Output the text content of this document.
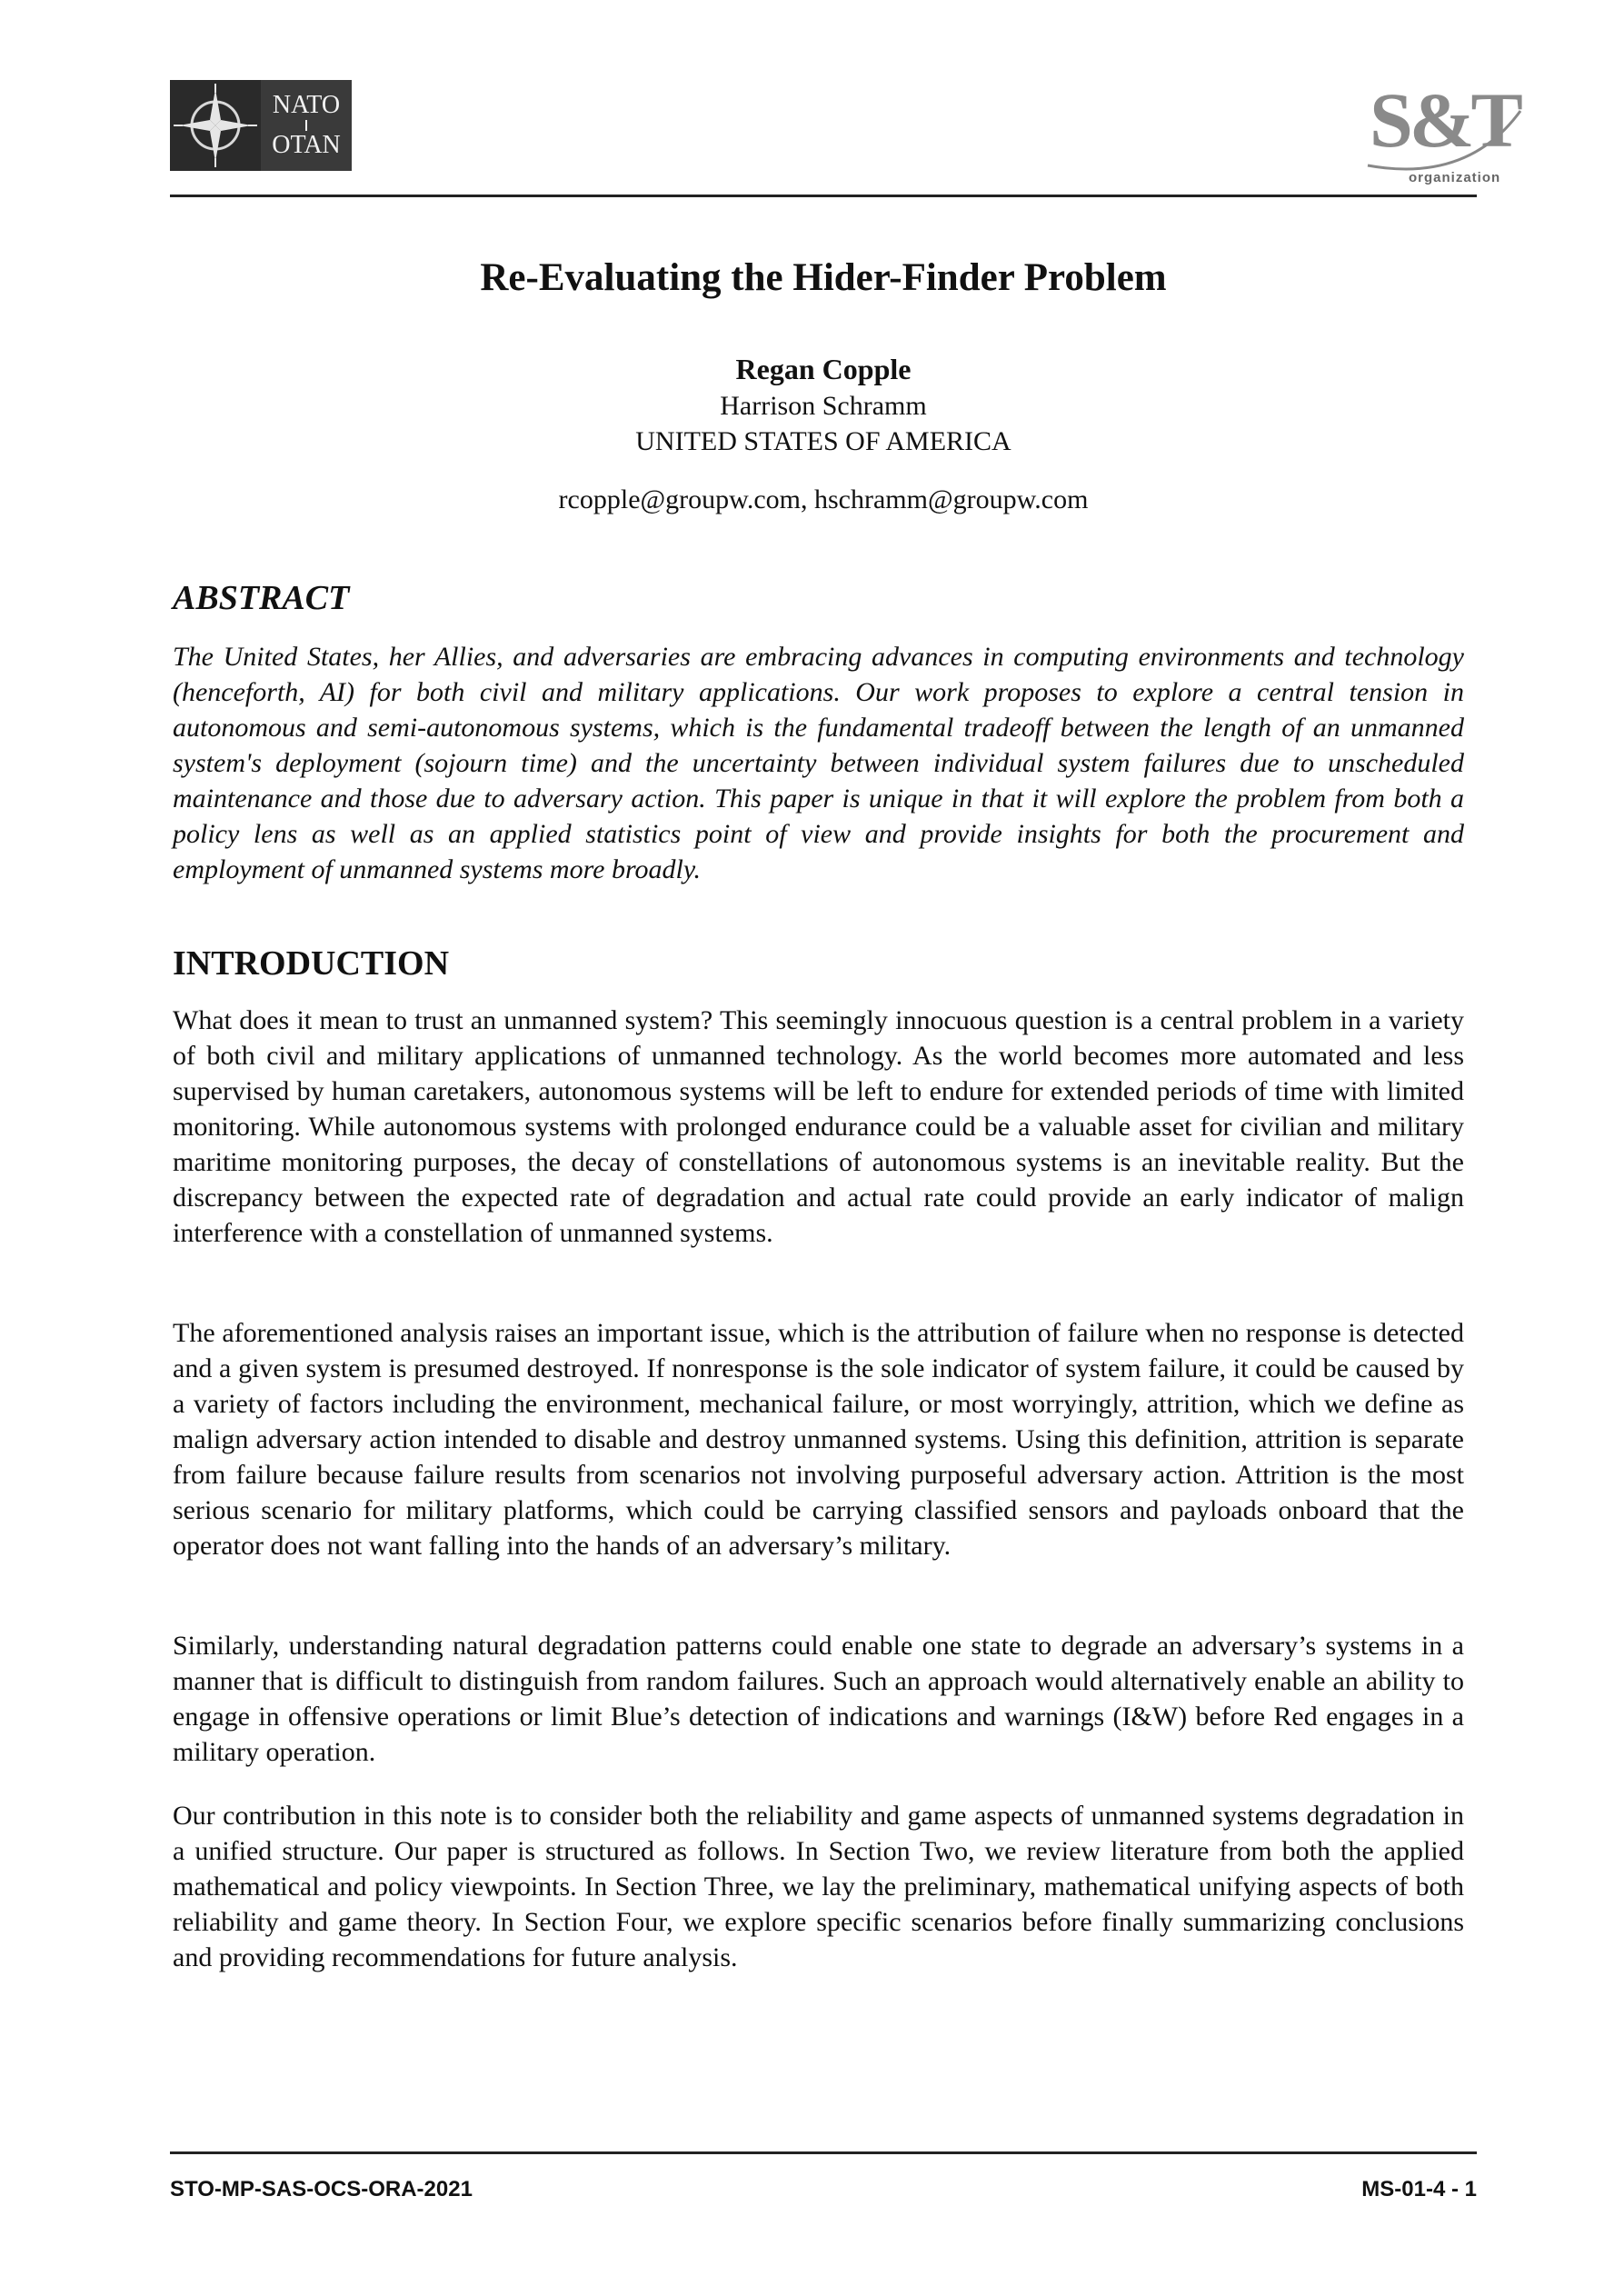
NATO
OTAN	S&T
organization
Re-Evaluating the Hider-Finder Problem
Regan Copple
Harrison Schramm
UNITED STATES OF AMERICA
rcopple@groupw.com, hschramm@groupw.com
ABSTRACT

The United States, her Allies, and adversaries are embracing advances in computing environments and technology (henceforth, AI) for both civil and military applications. Our work proposes to explore a central tension in autonomous and semi-autonomous systems, which is the fundamental tradeoff between the length of an unmanned system's deployment (sojourn time) and the uncertainty between individual system failures due to unscheduled maintenance and those due to adversary action. This paper is unique in that it will explore the problem from both a policy lens as well as an applied statistics point of view and provide insights for both the procurement and employment of unmanned systems more broadly.

INTRODUCTION

What does it mean to trust an unmanned system? This seemingly innocuous question is a central problem in a variety of both civil and military applications of unmanned technology. As the world becomes more automated and less supervised by human caretakers, autonomous systems will be left to endure for extended periods of time with limited monitoring. While autonomous systems with prolonged endurance could be a valuable asset for civilian and military maritime monitoring purposes, the decay of constellations of autonomous systems is an inevitable reality. But the discrepancy between the expected rate of degradation and actual rate could provide an early indicator of malign interference with a constellation of unmanned systems.

The aforementioned analysis raises an important issue, which is the attribution of failure when no response is detected and a given system is presumed destroyed. If nonresponse is the sole indicator of system failure, it could be caused by a variety of factors including the environment, mechanical failure, or most worryingly, attrition, which we define as malign adversary action intended to disable and destroy unmanned systems. Using this definition, attrition is separate from failure because failure results from scenarios not involving purposeful adversary action. Attrition is the most serious scenario for military platforms, which could be carrying classified sensors and payloads onboard that the operator does not want falling into the hands of an adversary’s military.

Similarly, understanding natural degradation patterns could enable one state to degrade an adversary’s systems in a manner that is difficult to distinguish from random failures. Such an approach would alternatively enable an ability to engage in offensive operations or limit Blue’s detection of indications and warnings (I&W) before Red engages in a military operation.

Our contribution in this note is to consider both the reliability and game aspects of unmanned systems degradation in a unified structure. Our paper is structured as follows. In Section Two, we review literature from both the applied mathematical and policy viewpoints. In Section Three, we lay the preliminary, mathematical unifying aspects of both reliability and game theory. In Section Four, we explore specific scenarios before finally summarizing conclusions and providing recommendations for future analysis.

STO-MP-SAS-OCS-ORA-2021	MS-01-4 - 1
